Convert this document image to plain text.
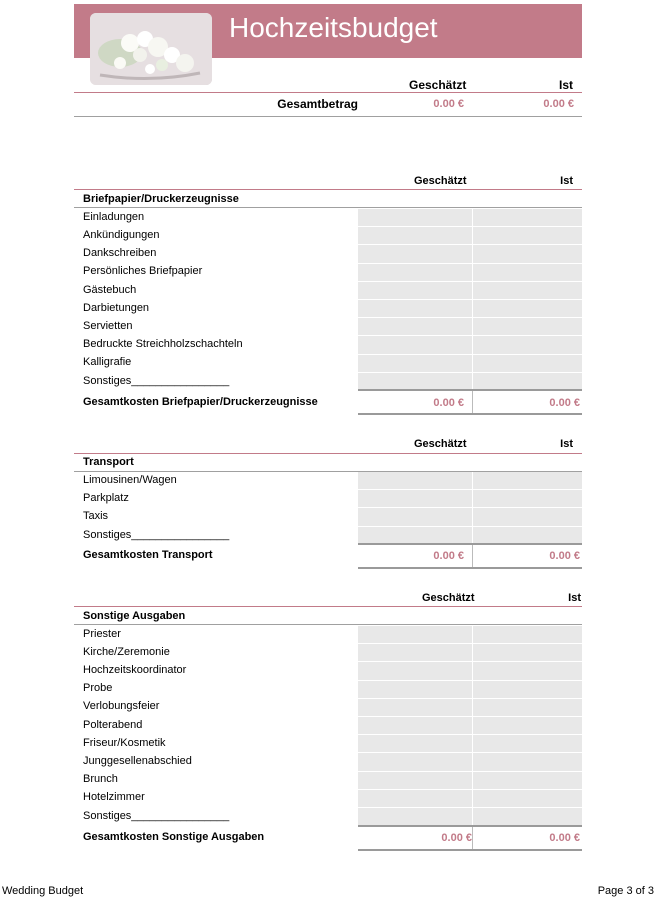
Hochzeitsbudget
Geschätzt	Ist
Gesamtbetrag	0.00 €	0.00 €
Geschätzt	Ist
Briefpapier/Druckerzeugnisse
Einladungen
Ankündigungen
Dankschreiben
Persönliches Briefpapier
Gästebuch
Darbietungen
Servietten
Bedruckte Streichholzschachteln
Kalligrafie
Sonstiges________________
Gesamtkosten Briefpapier/Druckerzeugnisse	0.00 €	0.00 €
Geschätzt	Ist
Transport
Limousinen/Wagen
Parkplatz
Taxis
Sonstiges________________
Gesamtkosten Transport	0.00 €	0.00 €
Geschätzt	Ist
Sonstige Ausgaben
Priester
Kirche/Zeremonie
Hochzeitskoordinator
Probe
Verlobungsfeier
Polterabend
Friseur/Kosmetik
Junggesellenabschied
Brunch
Hotelzimmer
Sonstiges________________
Gesamtkosten Sonstige Ausgaben	0.00 €	0.00 €
Wedding Budget	Page 3 of 3
